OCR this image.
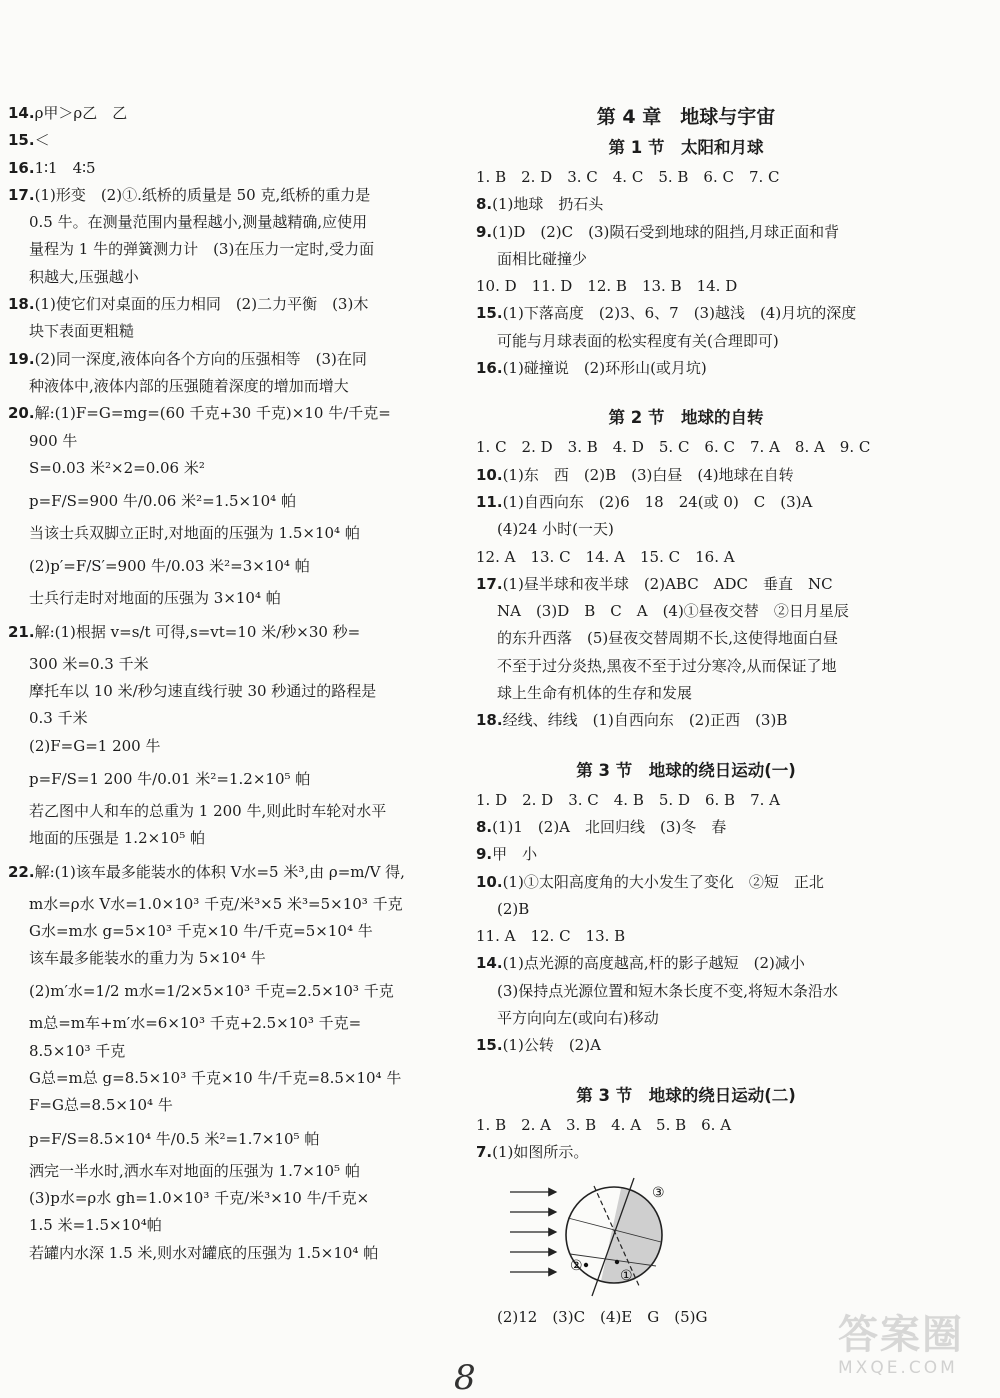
14.ρ甲＞ρ乙　乙
15.＜
16.1∶1　4∶5
17.(1)形变　(2)①.纸桥的质量是 50 克,纸桥的重力是
0.5 牛。在测量范围内量程越小,测量越精确,应使用
量程为 1 牛的弹簧测力计　(3)在压力一定时,受力面
积越大,压强越小
18.(1)使它们对桌面的压力相同　(2)二力平衡　(3)木
块下表面更粗糙
19.(2)同一深度,液体向各个方向的压强相等　(3)在同
种液体中,液体内部的压强随着深度的增加而增大
20.解:(1)F=G=mg=(60 千克+30 千克)×10 牛/千克=
900 牛
S=0.03 米²×2=0.06 米²
p=F/S=900 牛/0.06 米²=1.5×10⁴ 帕
当该士兵双脚立正时,对地面的压强为 1.5×10⁴ 帕
(2)p′=F/S′=900 牛/0.03 米²=3×10⁴ 帕
士兵行走时对地面的压强为 3×10⁴ 帕
21.解:(1)根据 v=s/t 可得,s=vt=10 米/秒×30 秒=
300 米=0.3 千米
摩托车以 10 米/秒匀速直线行驶 30 秒通过的路程是
0.3 千米
(2)F=G=1 200 牛
p=F/S=1 200 牛/0.01 米²=1.2×10⁵ 帕
若乙图中人和车的总重为 1 200 牛,则此时车轮对水平
地面的压强是 1.2×10⁵ 帕
22.解:(1)该车最多能装水的体积 V水=5 米³,由 ρ=m/V 得,
m水=ρ水 V水=1.0×10³ 千克/米³×5 米³=5×10³ 千克
G水=m水 g=5×10³ 千克×10 牛/千克=5×10⁴ 牛
该车最多能装水的重力为 5×10⁴ 牛
(2)m′水=1/2 m水=1/2×5×10³ 千克=2.5×10³ 千克
m总=m车+m′水=6×10³ 千克+2.5×10³ 千克=
8.5×10³ 千克
G总=m总 g=8.5×10³ 千克×10 牛/千克=8.5×10⁴ 牛
F=G总=8.5×10⁴ 牛
p=F/S=8.5×10⁴ 牛/0.5 米²=1.7×10⁵ 帕
洒完一半水时,洒水车对地面的压强为 1.7×10⁵ 帕
(3)p水=ρ水 gh=1.0×10³ 千克/米³×10 牛/千克×
1.5 米=1.5×10⁴帕
若罐内水深 1.5 米,则水对罐底的压强为 1.5×10⁴ 帕
第 4 章　地球与宇宙
第 1 节　太阳和月球
1. B　2. D　3. C　4. C　5. B　6. C　7. C
8.(1)地球　扔石头
9.(1)D　(2)C　(3)陨石受到地球的阻挡,月球正面和背
面相比碰撞少
10. D　11. D　12. B　13. B　14. D
15.(1)下落高度　(2)3、6、7　(3)越浅　(4)月坑的深度
可能与月球表面的松实程度有关(合理即可)
16.(1)碰撞说　(2)环形山(或月坑)
第 2 节　地球的自转
1. C　2. D　3. B　4. D　5. C　6. C　7. A　8. A　9. C
10.(1)东　西　(2)B　(3)白昼　(4)地球在自转
11.(1)自西向东　(2)6　18　24(或 0)　C　(3)A
(4)24 小时(一天)
12. A　13. C　14. A　15. C　16. A
17.(1)昼半球和夜半球　(2)ABC　ADC　垂直　NC
NA　(3)D　B　C　A　(4)①昼夜交替　②日月星辰
的东升西落　(5)昼夜交替周期不长,这使得地面白昼
不至于过分炎热,黑夜不至于过分寒冷,从而保证了地
球上生命有机体的生存和发展
18.经线、纬线　(1)自西向东　(2)正西　(3)B
第 3 节　地球的绕日运动(一)
1. D　2. D　3. C　4. B　5. D　6. B　7. A
8.(1)1　(2)A　北回归线　(3)冬　春
9.甲　小
10.(1)①太阳高度角的大小发生了变化　②短　正北
(2)B
11. A　12. C　13. B
14.(1)点光源的高度越高,杆的影子越短　(2)减小
(3)保持点光源位置和短木条长度不变,将短木条沿水
平方向向左(或向右)移动
15.(1)公转　(2)A
第 3 节　地球的绕日运动(二)
1. B　2. A　3. B　4. A　5. B　6. A
7.(1)如图所示。
③
②
①
(2)12　(3)C　(4)E　G　(5)G
8
答案圈
MXQE.COM
